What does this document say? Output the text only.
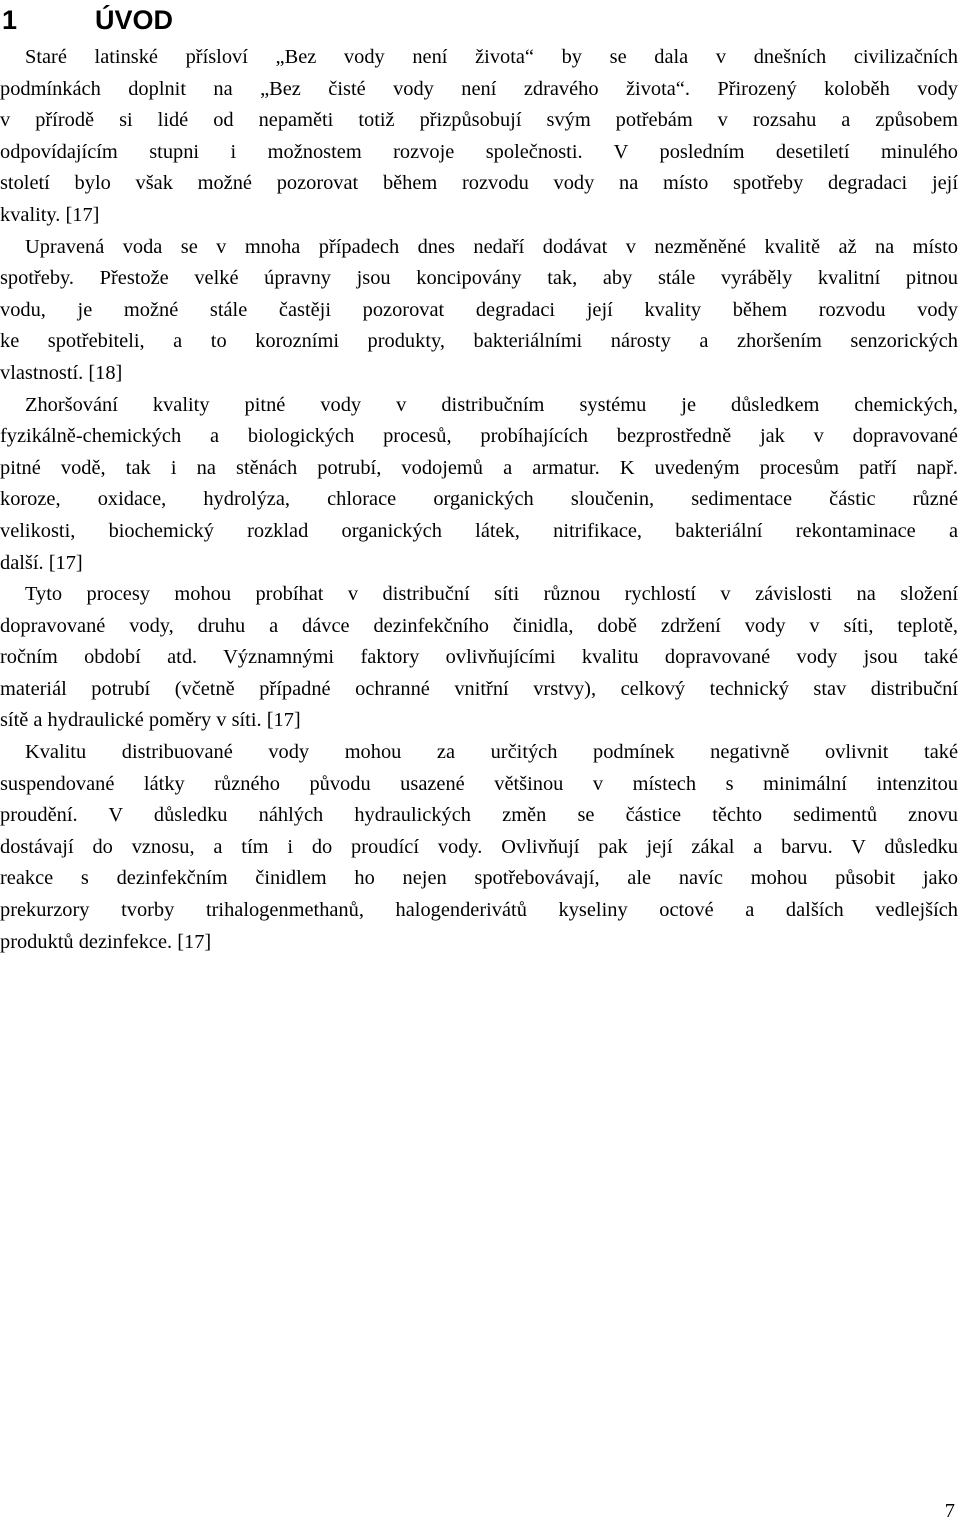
1	ÚVOD
Staré latinské přísloví „Bez vody není života“ by se dala v dnešních civilizačních
podmínkách doplnit na „Bez čisté vody není zdravého života“. Přirozený koloběh vody
v přírodě si lidé od nepaměti totiž přizpůsobují svým potřebám v rozsahu a způsobem
odpovídajícím stupni i možnostem rozvoje společnosti. V posledním desetiletí minulého
století bylo však možné pozorovat během rozvodu vody na místo spotřeby degradaci její
kvality. [17]
Upravená voda se v mnoha případech dnes nedaří dodávat v nezměněné kvalitě až na místo
spotřeby. Přestože velké úpravny jsou koncipovány tak, aby stále vyráběly kvalitní pitnou
vodu, je možné stále častěji pozorovat degradaci její kvality během rozvodu vody
ke spotřebiteli, a to korozními produkty, bakteriálními nárosty a zhoršením senzorických
vlastností. [18]
Zhoršování kvality pitné vody v distribučním systému je důsledkem chemických,
fyzikálně-chemických a biologických procesů, probíhajících bezprostředně jak v dopravované
pitné vodě, tak i na stěnách potrubí, vodojemů a armatur. K uvedeným procesům patří např.
koroze, oxidace, hydrolýza, chlorace organických sloučenin, sedimentace částic různé
velikosti, biochemický rozklad organických látek, nitrifikace, bakteriální rekontaminace a
další. [17]
Tyto procesy mohou probíhat v distribuční síti různou rychlostí v závislosti na složení
dopravované vody, druhu a dávce dezinfekčního činidla, době zdržení vody v síti, teplotě,
ročním období atd. Významnými faktory ovlivňujícími kvalitu dopravované vody jsou také
materiál potrubí (včetně případné ochranné vnitřní vrstvy), celkový technický stav distribuční
sítě a hydraulické poměry v síti. [17]
Kvalitu distribuované vody mohou za určitých podmínek negativně ovlivnit také
suspendované látky různého původu usazené většinou v místech s minimální intenzitou
proudění. V důsledku náhlých hydraulických změn se částice těchto sedimentů znovu
dostávají do vznosu, a tím i do proudící vody. Ovlivňují pak její zákal a barvu. V důsledku
reakce s dezinfekčním činidlem ho nejen spotřebovávají, ale navíc mohou působit jako
prekurzory tvorby trihalogenmethanů, halogenderivátů kyseliny octové a dalších vedlejších
produktů dezinfekce. [17]
7
